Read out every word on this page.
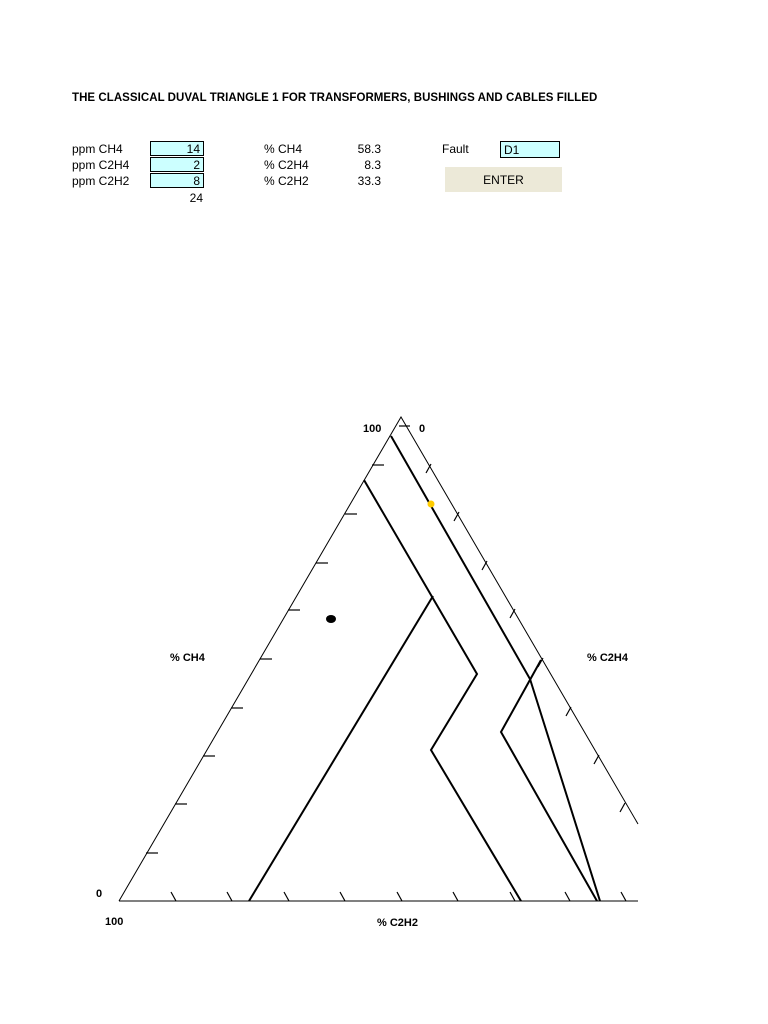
THE CLASSICAL DUVAL TRIANGLE 1 FOR TRANSFORMERS, BUSHINGS AND CABLES FILLED
ppm CH4
ppm C2H4
ppm C2H2
14
2
8
24
% CH4
% C2H4
% C2H2
58.3
8.3
33.3
Fault
D1
ENTER
100	0
0
100
% CH4	% C2H4
% C2H2
